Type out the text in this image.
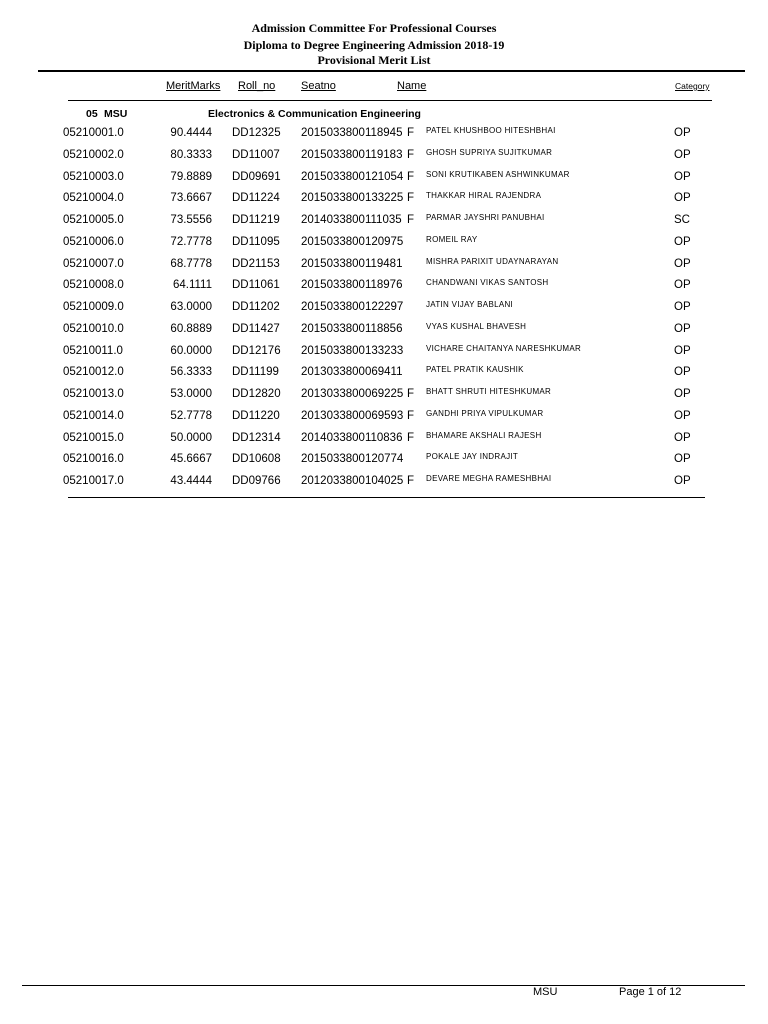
Admission Committee For Professional Courses
Diploma to Degree Engineering Admission 2018-19
Provisional Merit List
MeritMarks Roll_no Seatno	Name	Category
05 MSU	Electronics & Communication Engineering
05210001.0	90.4444 DD12325 2015033800118945 F PATEL KHUSHBOO HITESHBHAI	OP
05210002.0	80.3333 DD11007 2015033800119183 F GHOSH SUPRIYA SUJITKUMAR	OP
05210003.0	79.8889 DD09691 2015033800121054 F SONI KRUTIKABEN ASHWINKUMAR	OP
05210004.0	73.6667 DD11224 2015033800133225 F THAKKAR HIRAL RAJENDRA	OP
05210005.0	73.5556 DD11219 2014033800111035 F PARMAR JAYSHRI PANUBHAI	SC
05210006.0	72.7778 DD11095 2015033800120975	ROMEIL RAY	OP
05210007.0	68.7778 DD21153 2015033800119481	MISHRA PARIXIT UDAYNARAYAN	OP
05210008.0	64.1111 DD11061 2015033800118976	CHANDWANI VIKAS SANTOSH	OP
05210009.0	63.0000 DD11202 2015033800122297	JATIN VIJAY BABLANI	OP
05210010.0	60.8889 DD11427 2015033800118856	VYAS KUSHAL BHAVESH	OP
05210011.0	60.0000 DD12176 2015033800133233	VICHARE CHAITANYA NARESHKUMAR	OP
05210012.0	56.3333 DD11199 2013033800069411	PATEL PRATIK KAUSHIK	OP
05210013.0	53.0000 DD12820 2013033800069225 F BHATT SHRUTI HITESHKUMAR	OP
05210014.0	52.7778 DD11220 2013033800069593 F GANDHI PRIYA VIPULKUMAR	OP
05210015.0	50.0000 DD12314 2014033800110836 F BHAMARE AKSHALI RAJESH	OP
05210016.0	45.6667 DD10608 2015033800120774	POKALE JAY INDRAJIT	OP
05210017.0	43.4444 DD09766 2012033800104025 F DEVARE MEGHA RAMESHBHAI	OP
MSU	Page 1 of 12
